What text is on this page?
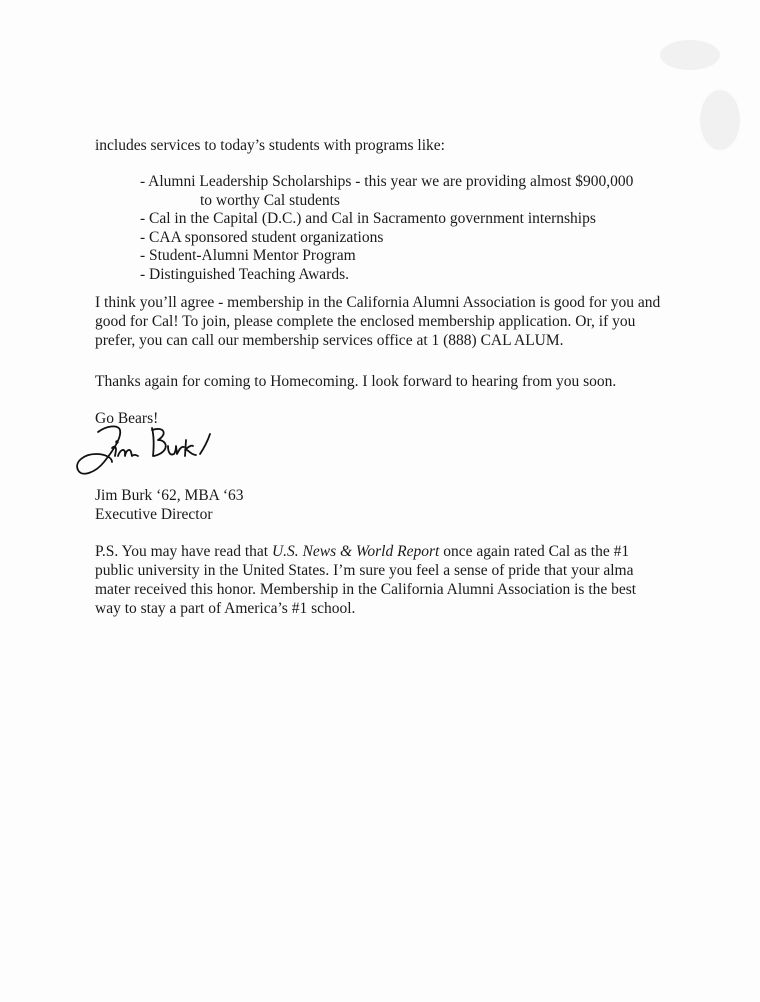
includes services to today’s students with programs like:
- Alumni Leadership Scholarships - this year we are providing almost $900,000
to worthy Cal students
- Cal in the Capital (D.C.) and Cal in Sacramento government internships
- CAA sponsored student organizations
- Student-Alumni Mentor Program
- Distinguished Teaching Awards.
I think you’ll agree - membership in the California Alumni Association is good for you and
good for Cal! To join, please complete the enclosed membership application. Or, if you
prefer, you can call our membership services office at 1 (888) CAL ALUM.
Thanks again for coming to Homecoming. I look forward to hearing from you soon.
Go Bears!
Jim Burk ‘62, MBA ‘63
Executive Director
P.S. You may have read that U.S. News & World Report once again rated Cal as the #1
public university in the United States. I’m sure you feel a sense of pride that your alma
mater received this honor. Membership in the California Alumni Association is the best
way to stay a part of America’s #1 school.
